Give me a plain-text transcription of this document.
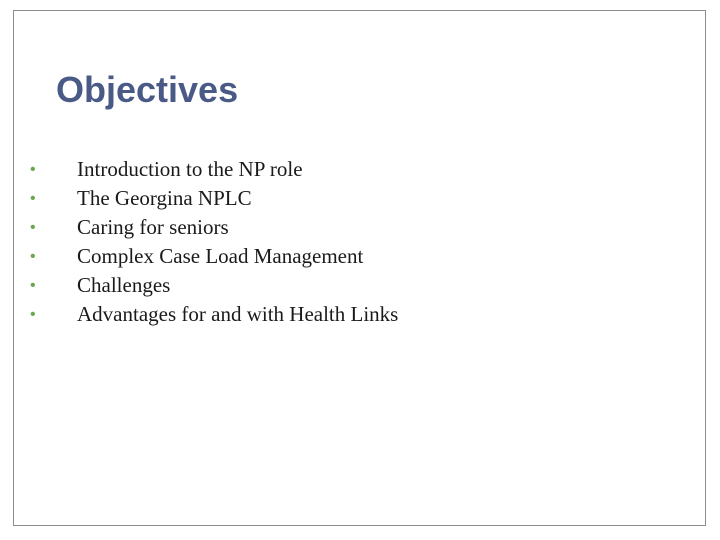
Objectives
•	Introduction to the NP role
•	The Georgina NPLC
•	Caring for seniors
•	Complex Case Load Management
•	Challenges
•	Advantages for and with Health Links
